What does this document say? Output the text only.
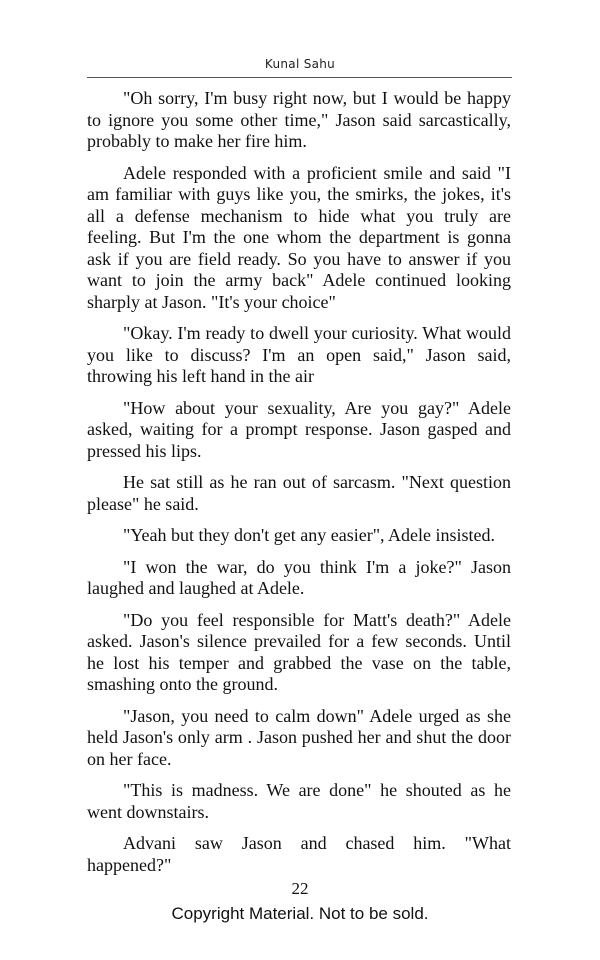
Kunal Sahu

"Oh sorry, I'm busy right now, but I would be happy to ignore you some other time," Jason said sarcastically, probably to make her fire him.

Adele responded with a proficient smile and said "I am familiar with guys like you, the smirks, the jokes, it's all a defense mechanism to hide what you truly are feeling. But I'm the one whom the department is gonna ask if you are field ready. So you have to answer if you want to join the army back" Adele continued looking sharply at Jason. "It's your choice"

"Okay. I'm ready to dwell your curiosity. What would you like to discuss? I'm an open said," Jason said, throwing his left hand in the air

"How about your sexuality, Are you gay?" Adele asked, waiting for a prompt response. Jason gasped and pressed his lips.

He sat still as he ran out of sarcasm. "Next question please" he said.

"Yeah but they don't get any easier", Adele insisted.

"I won the war, do you think I'm a joke?" Jason laughed and laughed at Adele.

"Do you feel responsible for Matt's death?" Adele asked. Jason's silence prevailed for a few seconds. Until he lost his temper and grabbed the vase on the table, smashing onto the ground.

"Jason, you need to calm down" Adele urged as she held Jason's only arm . Jason pushed her and shut the door on her face.

"This is madness. We are done" he shouted as he went downstairs.

Advani saw Jason and chased him. "What happened?"

22
Copyright Material. Not to be sold.
